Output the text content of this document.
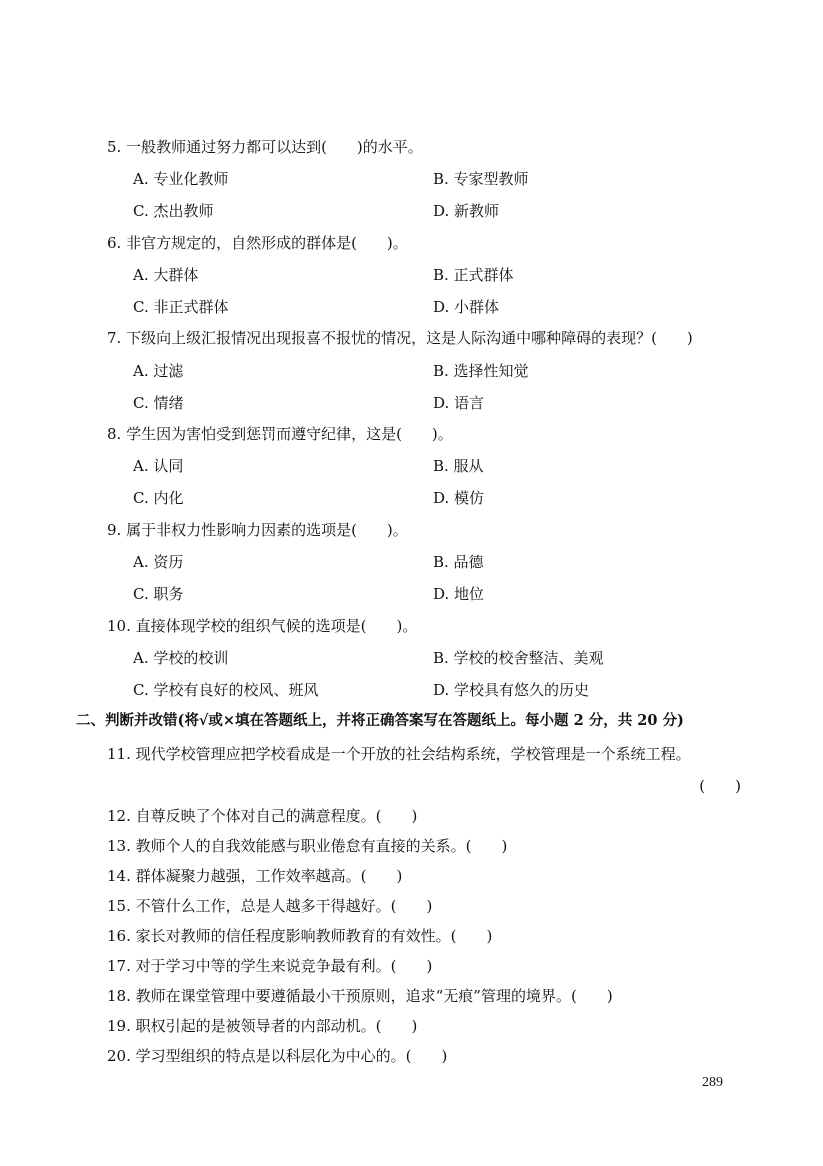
5. 一般教师通过努力都可以达到(　　)的水平。
A. 专业化教师	B. 专家型教师
C. 杰出教师	D. 新教师
6. 非官方规定的，自然形成的群体是(　　)。
A. 大群体	B. 正式群体
C. 非正式群体	D. 小群体
7. 下级向上级汇报情况出现报喜不报忧的情况，这是人际沟通中哪种障碍的表现？(　　)
A. 过滤	B. 选择性知觉
C. 情绪	D. 语言
8. 学生因为害怕受到惩罚而遵守纪律，这是(　　)。
A. 认同	B. 服从
C. 内化	D. 模仿
9. 属于非权力性影响力因素的选项是(　　)。
A. 资历	B. 品德
C. 职务	D. 地位
10. 直接体现学校的组织气候的选项是(　　)。
A. 学校的校训	B. 学校的校舍整洁、美观
C. 学校有良好的校风、班风	D. 学校具有悠久的历史
二、判断并改错(将√或×填在答题纸上，并将正确答案写在答题纸上。每小题 2 分，共 20 分)
11. 现代学校管理应把学校看成是一个开放的社会结构系统，学校管理是一个系统工程。
(　　)
12. 自尊反映了个体对自己的满意程度。(　　)
13. 教师个人的自我效能感与职业倦怠有直接的关系。(　　)
14. 群体凝聚力越强，工作效率越高。(　　)
15. 不管什么工作，总是人越多干得越好。(　　)
16. 家长对教师的信任程度影响教师教育的有效性。(　　)
17. 对于学习中等的学生来说竞争最有利。(　　)
18. 教师在课堂管理中要遵循最小干预原则，追求“无痕”管理的境界。(　　)
19. 职权引起的是被领导者的内部动机。(　　)
20. 学习型组织的特点是以科层化为中心的。(　　)
289
